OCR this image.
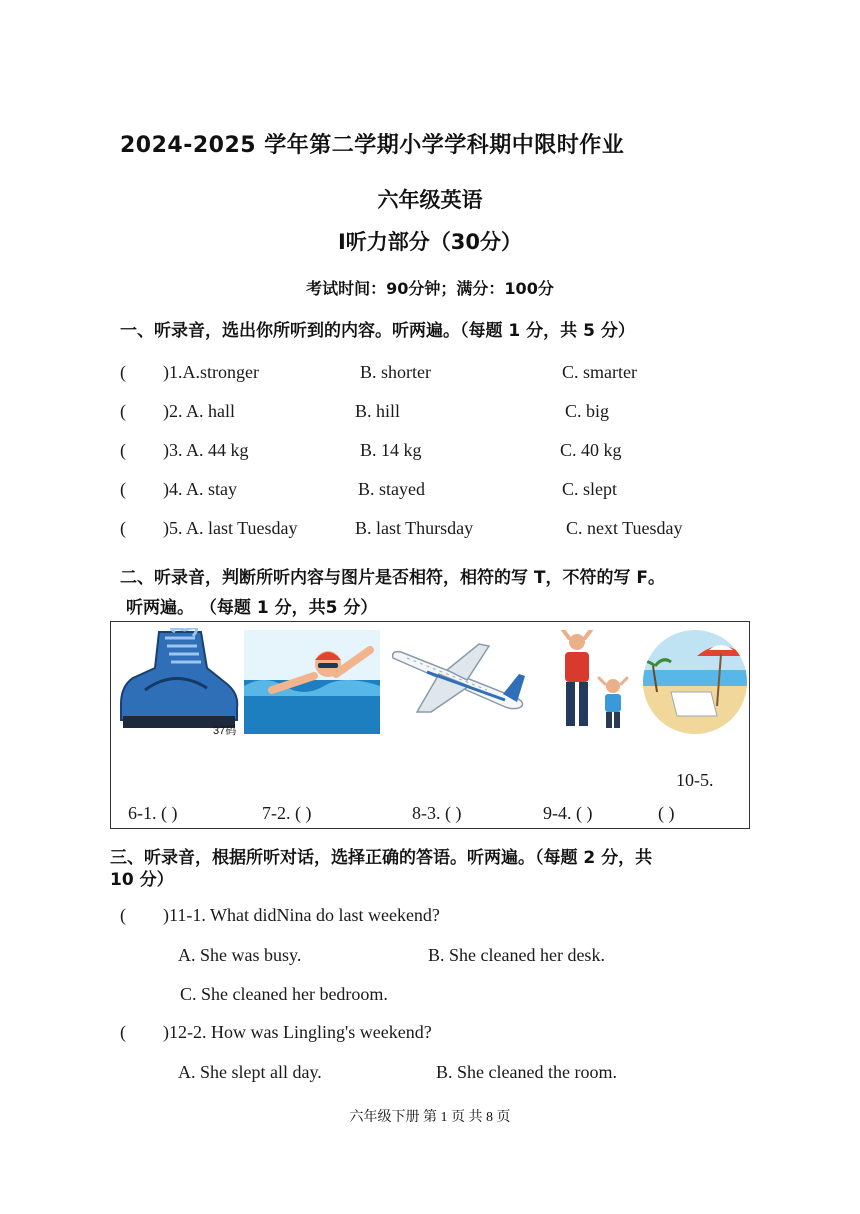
2024-2025 学年第二学期小学学科期中限时作业
六年级英语
Ⅰ听力部分（30分）
考试时间：90分钟；满分：100分
一、听录音，选出你所听到的内容。听两遍。（每题 1 分，共 5 分）
( )1.A.stronger	B. shorter	C. smarter
( )2. A. hall	B. hill	C. big
( )3. A. 44 kg	B. 14 kg	C. 40 kg
( )4. A. stay	B. stayed	C. slept
( )5. A. last Tuesday	B. last Thursday	C. next Tuesday
二、听录音，判断所听内容与图片是否相符，相符的写 T，不符的写 F。
听两遍。 （每题 1 分，共5 分）
37码
10-5.
6-1. ( )	7-2. ( )	8-3. ( )	9-4. ( )	( )
三、听录音，根据所听对话，选择正确的答语。听两遍。（每题 2 分，共
10 分）
( )11-1. What didNina do last weekend?
A. She was busy.	B. She cleaned her desk.
C. She cleaned her bedroom.
( )12-2. How was Lingling's weekend?
A. She slept all day.	B. She cleaned the room.
六年级下册 第 1 页 共 8 页
